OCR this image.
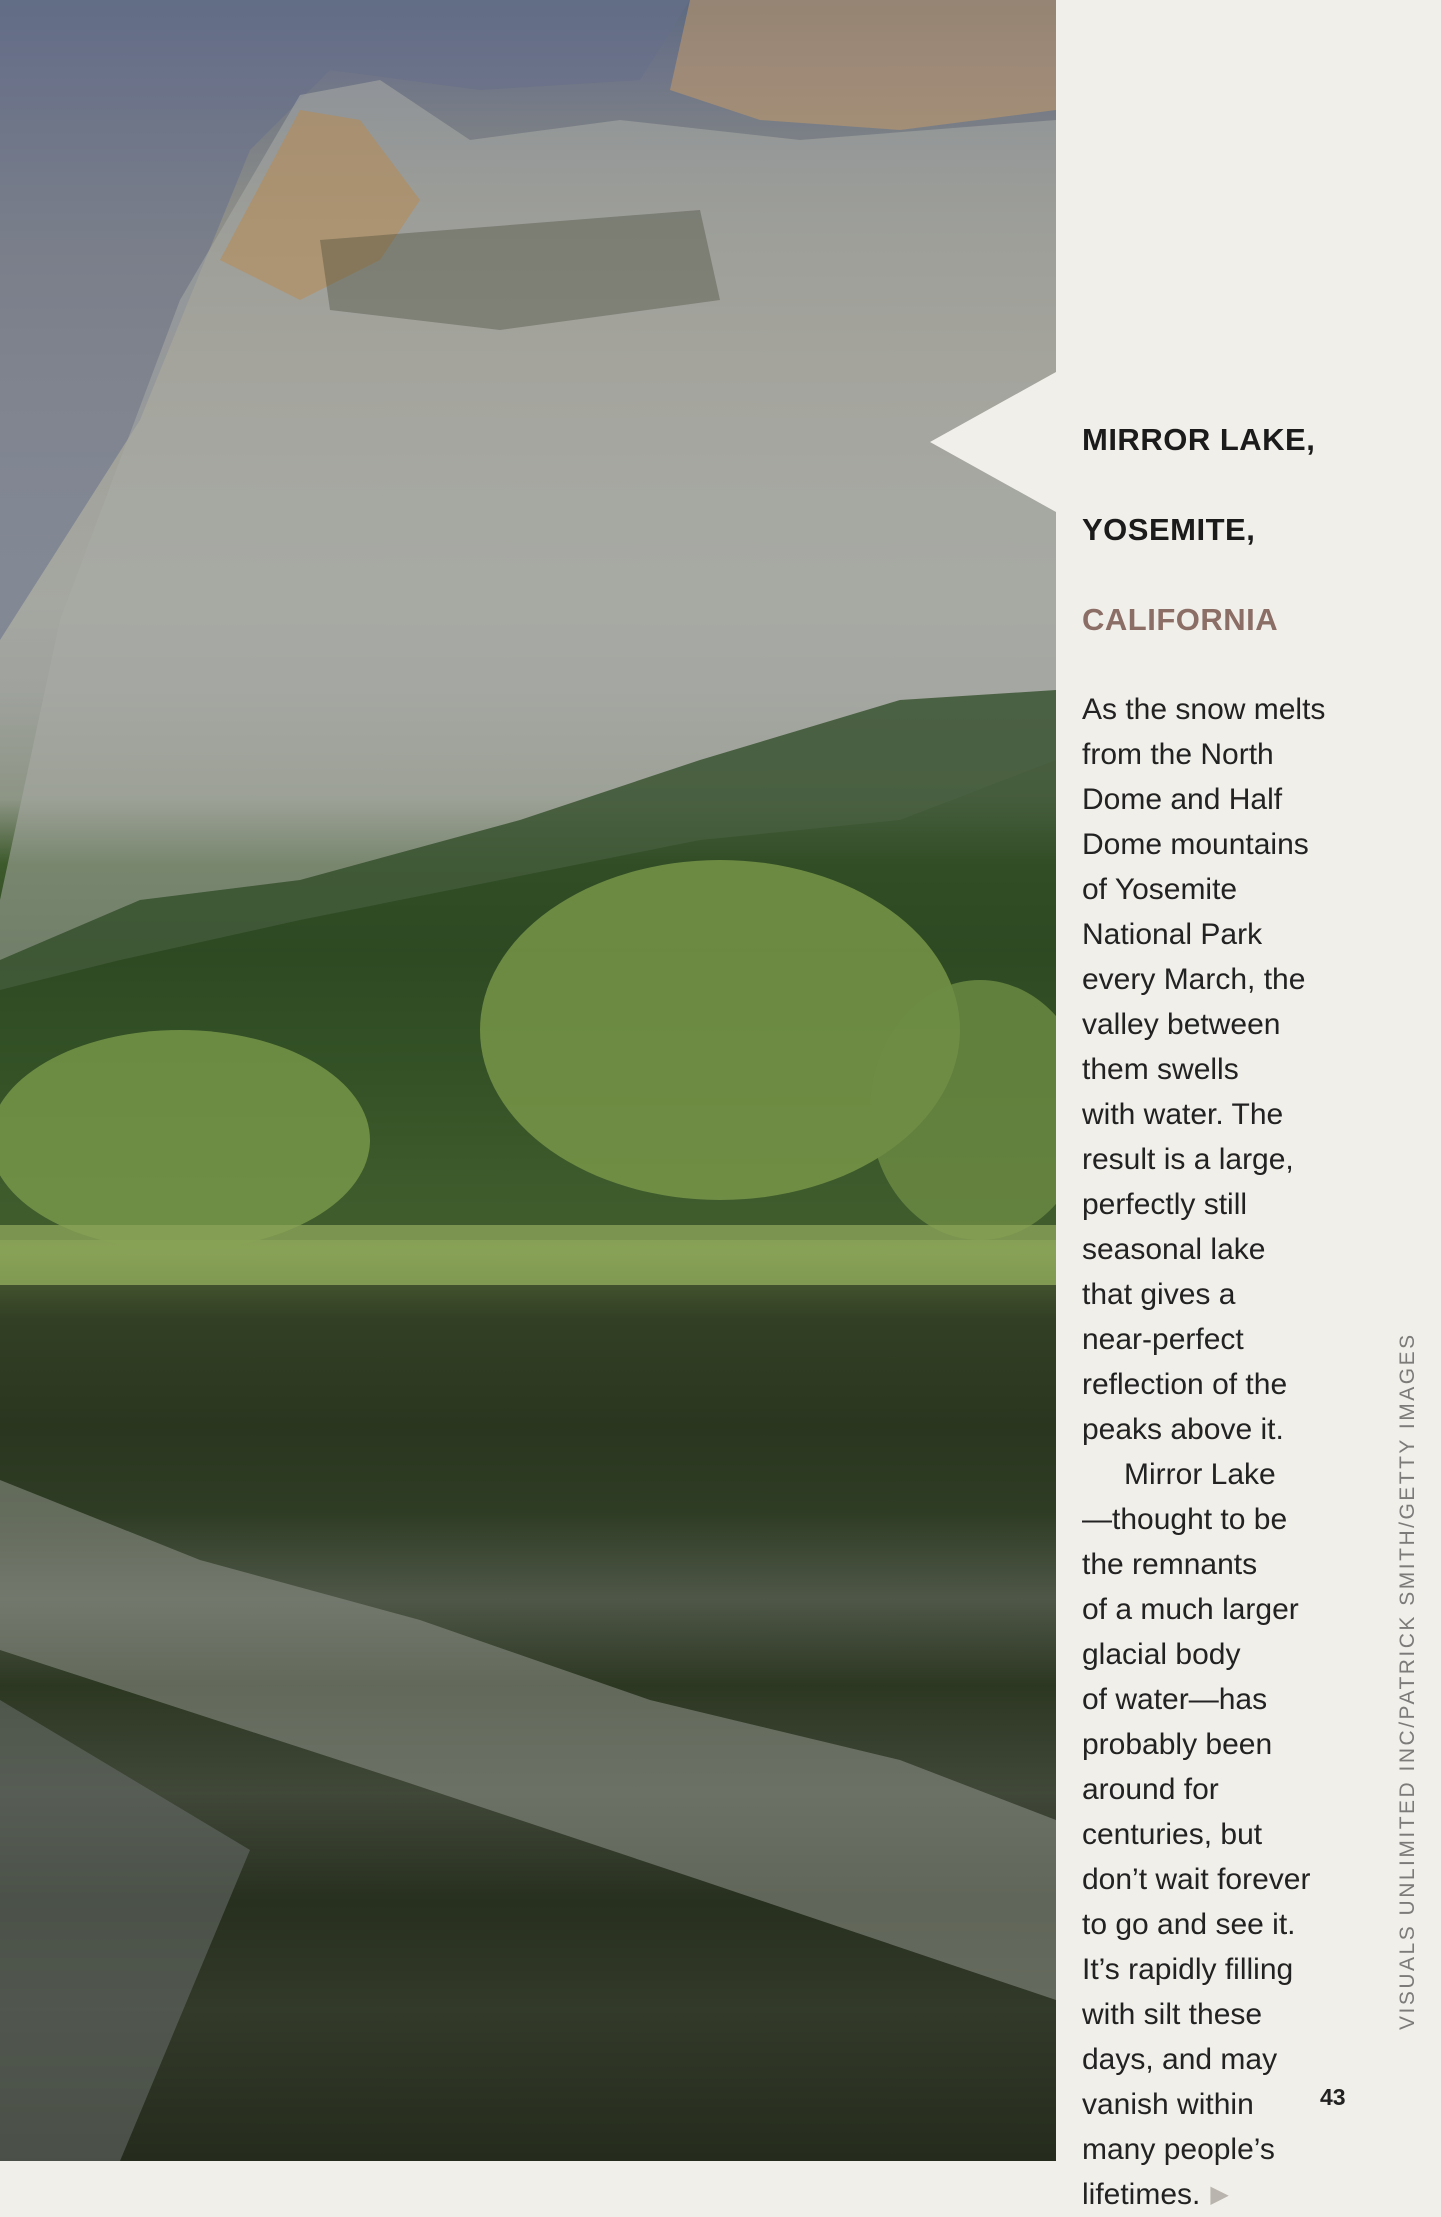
MIRROR LAKE,

YOSEMITE,

CALIFORNIA

As the snow melts
from the North
Dome and Half
Dome mountains
of Yosemite
National Park
every March, the
valley between
them swells
with water. The
result is a large,
perfectly still
seasonal lake
that gives a
near-perfect
reflection of the
peaks above it.

Mirror Lake
—thought to be
the remnants
of a much larger
glacial body
of water—has
probably been
around for
centuries, but
don’t wait forever
to go and see it.
It’s rapidly filling
with silt these
days, and may
vanish within
many people’s
lifetimes. ▶

VISUALS UNLIMITED INC/PATRICK SMITH/GETTY IMAGES
43
